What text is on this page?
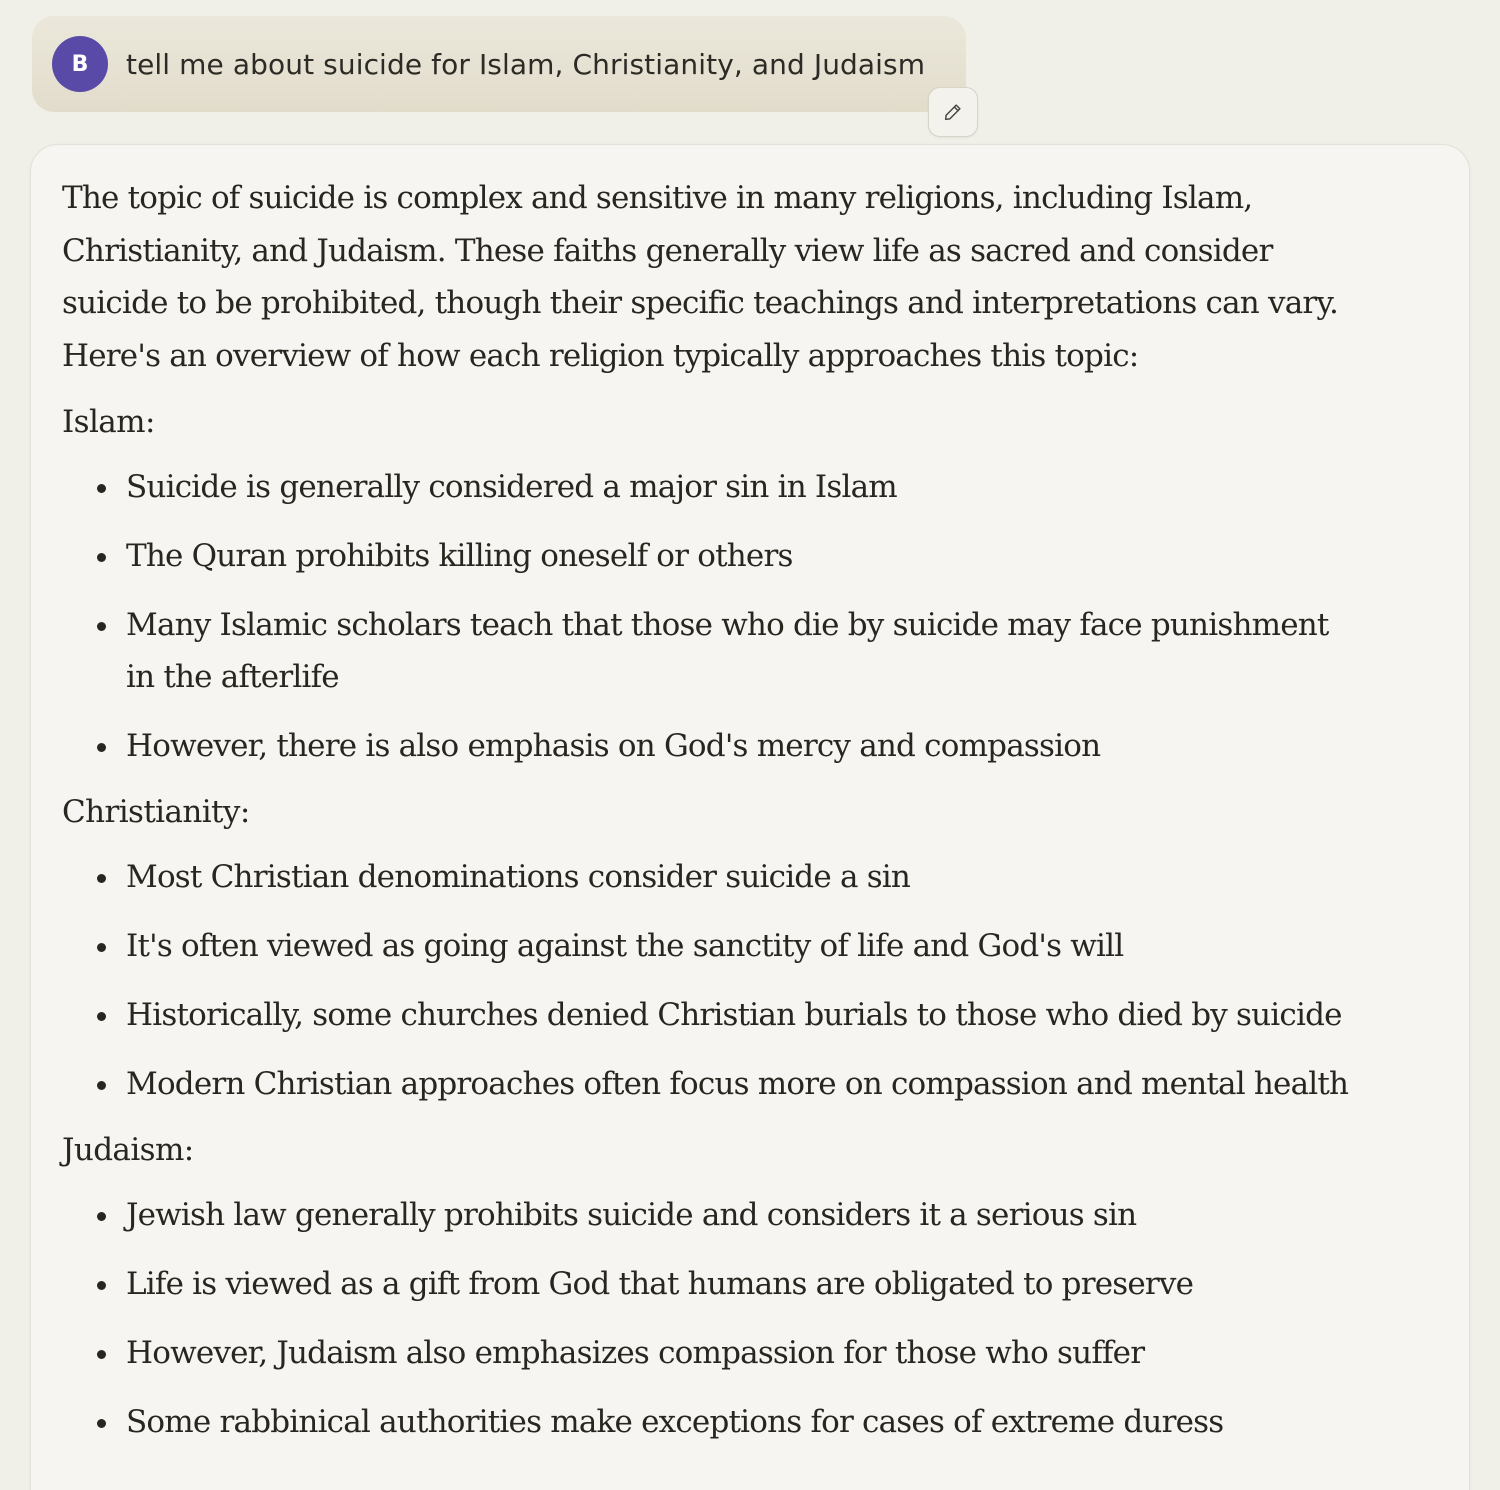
B	tell me about suicide for Islam, Christianity, and Judaism

The topic of suicide is complex and sensitive in many religions, including Islam, Christianity, and Judaism. These faiths generally view life as sacred and consider suicide to be prohibited, though their specific teachings and interpretations can vary. Here's an overview of how each religion typically approaches this topic:

Islam:

Suicide is generally considered a major sin in Islam
The Quran prohibits killing oneself or others
Many Islamic scholars teach that those who die by suicide may face punishment in the afterlife
However, there is also emphasis on God's mercy and compassion

Christianity:

Most Christian denominations consider suicide a sin
It's often viewed as going against the sanctity of life and God's will
Historically, some churches denied Christian burials to those who died by suicide
Modern Christian approaches often focus more on compassion and mental health

Judaism:

Jewish law generally prohibits suicide and considers it a serious sin
Life is viewed as a gift from God that humans are obligated to preserve
However, Judaism also emphasizes compassion for those who suffer
Some rabbinical authorities make exceptions for cases of extreme duress
